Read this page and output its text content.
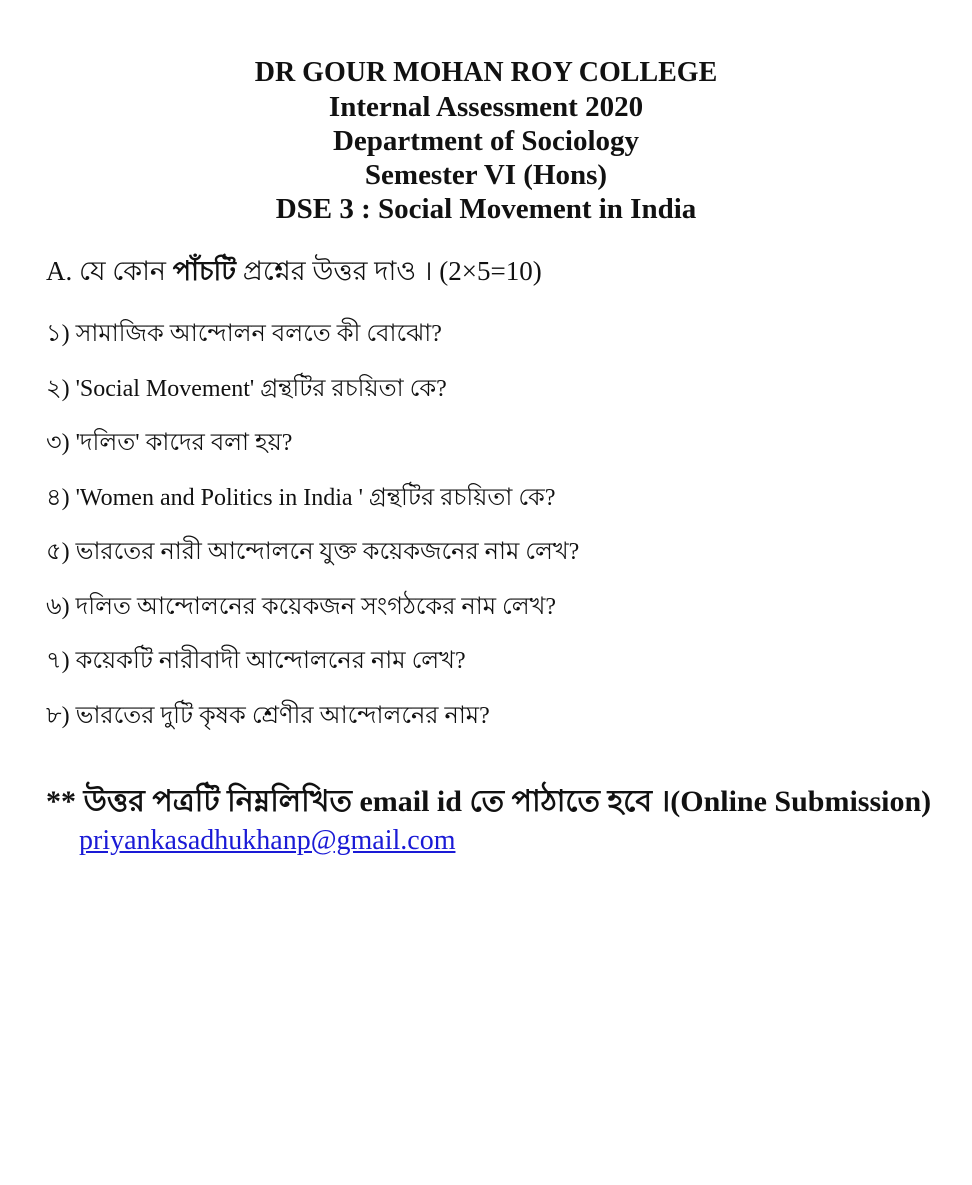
DR GOUR MOHAN ROY COLLEGE
Internal Assessment 2020
Department of Sociology
Semester VI (Hons)
DSE 3 : Social Movement in India
A. যে কোন পাঁচটি প্রশ্নের উত্তর দাও । (2×5=10)
১) সামাজিক আন্দোলন বলতে কী বোঝো?
২) 'Social Movement' গ্রন্থটির রচয়িতা কে?
৩) 'দলিত' কাদের বলা হয়?
৪) 'Women and Politics in India ' গ্রন্থটির রচয়িতা কে?
৫) ভারতের নারী আন্দোলনে যুক্ত কয়েকজনের নাম লেখ?
৬) দলিত আন্দোলনের কয়েকজন সংগঠকের নাম লেখ?
৭) কয়েকটি নারীবাদী আন্দোলনের নাম লেখ?
৮) ভারতের দুটি কৃষক শ্রেণীর আন্দোলনের নাম?
** উত্তর পত্রটি নিম্নলিখিত email id তে পাঠাতে হবে ।(Online Submission)
priyankasadhukhanp@gmail.com
